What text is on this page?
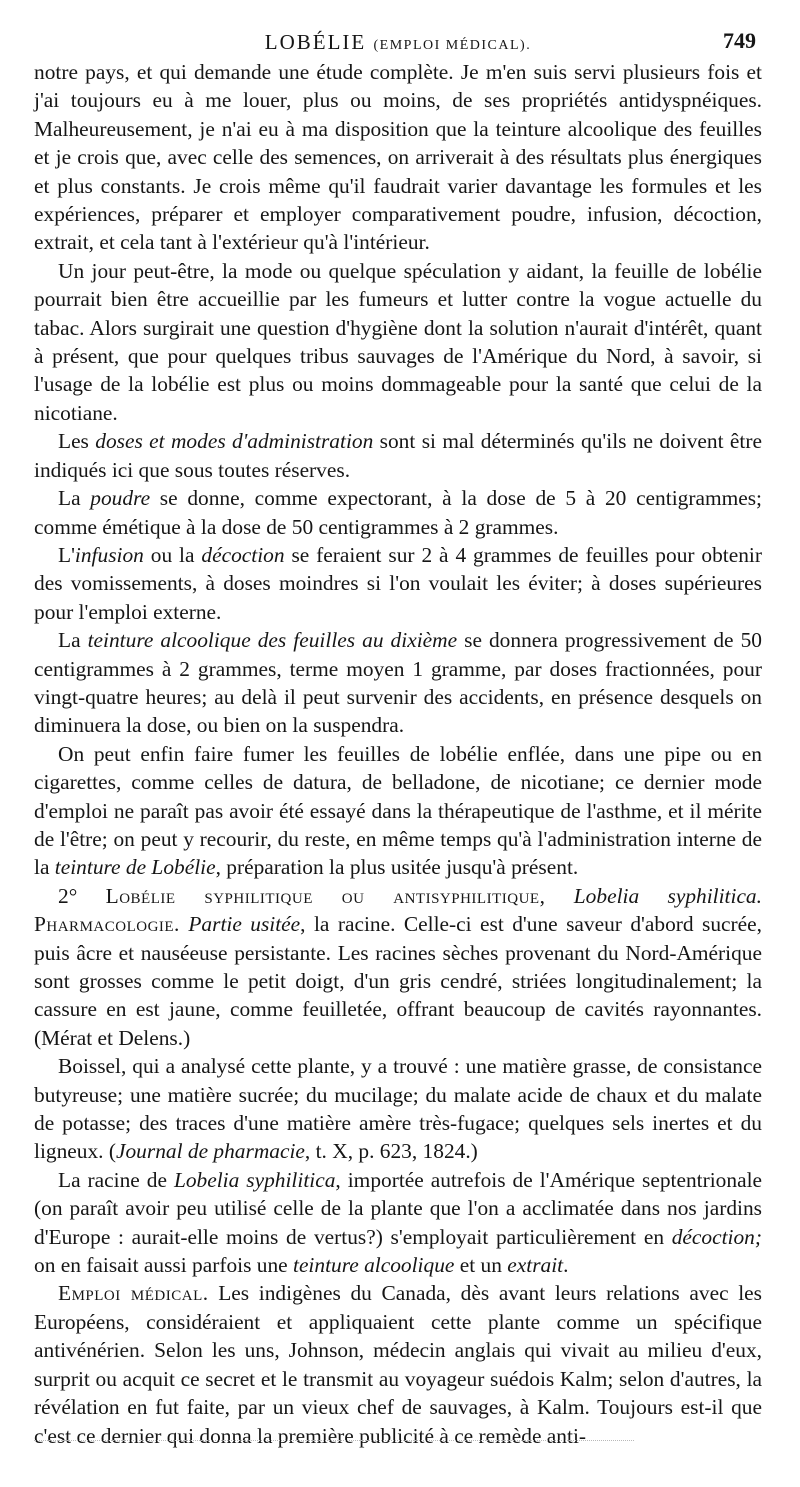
LOBÉLIE (EMPLOI MÉDICAL).	749

notre pays, et qui demande une étude complète. Je m'en suis servi plusieurs fois et j'ai toujours eu à me louer, plus ou moins, de ses propriétés antidyspnéiques. Malheureusement, je n'ai eu à ma disposition que la teinture alcoolique des feuilles et je crois que, avec celle des semences, on arriverait à des résultats plus énergiques et plus constants. Je crois même qu'il faudrait varier davantage les formules et les expériences, préparer et employer comparativement poudre, infusion, décoction, extrait, et cela tant à l'extérieur qu'à l'intérieur.

Un jour peut-être, la mode ou quelque spéculation y aidant, la feuille de lobélie pourrait bien être accueillie par les fumeurs et lutter contre la vogue actuelle du tabac. Alors surgirait une question d'hygiène dont la solution n'aurait d'intérêt, quant à présent, que pour quelques tribus sauvages de l'Amérique du Nord, à savoir, si l'usage de la lobélie est plus ou moins dommageable pour la santé que celui de la nicotiane.

Les doses et modes d'administration sont si mal déterminés qu'ils ne doivent être indiqués ici que sous toutes réserves.

La poudre se donne, comme expectorant, à la dose de 5 à 20 centigrammes; comme émétique à la dose de 50 centigrammes à 2 grammes.

L'infusion ou la décoction se feraient sur 2 à 4 grammes de feuilles pour obtenir des vomissements, à doses moindres si l'on voulait les éviter; à doses supérieures pour l'emploi externe.

La teinture alcoolique des feuilles au dixième se donnera progressivement de 50 centigrammes à 2 grammes, terme moyen 1 gramme, par doses fractionnées, pour vingt-quatre heures; au delà il peut survenir des accidents, en présence desquels on diminuera la dose, ou bien on la suspendra.

On peut enfin faire fumer les feuilles de lobélie enflée, dans une pipe ou en cigarettes, comme celles de datura, de belladone, de nicotiane; ce dernier mode d'emploi ne paraît pas avoir été essayé dans la thérapeutique de l'asthme, et il mérite de l'être; on peut y recourir, du reste, en même temps qu'à l'administration interne de la teinture de Lobélie, préparation la plus usitée jusqu'à présent.

2° Lobélie syphilitique ou antisyphilitique, Lobelia syphilitica. Pharmacologie. Partie usitée, la racine. Celle-ci est d'une saveur d'abord sucrée, puis âcre et nauséeuse persistante. Les racines sèches provenant du Nord-Amérique sont grosses comme le petit doigt, d'un gris cendré, striées longitudinalement; la cassure en est jaune, comme feuilletée, offrant beaucoup de cavités rayonnantes. (Mérat et Delens.)

Boissel, qui a analysé cette plante, y a trouvé : une matière grasse, de consistance butyreuse; une matière sucrée; du mucilage; du malate acide de chaux et du malate de potasse; des traces d'une matière amère très-fugace; quelques sels inertes et du ligneux. (Journal de pharmacie, t. X, p. 623, 1824.)

La racine de Lobelia syphilitica, importée autrefois de l'Amérique septentrionale (on paraît avoir peu utilisé celle de la plante que l'on a acclimatée dans nos jardins d'Europe : aurait-elle moins de vertus?) s'employait particulièrement en décoction; on en faisait aussi parfois une teinture alcoolique et un extrait.

Emploi médical. Les indigènes du Canada, dès avant leurs relations avec les Européens, considéraient et appliquaient cette plante comme un spécifique antivénérien. Selon les uns, Johnson, médecin anglais qui vivait au milieu d'eux, surprit ou acquit ce secret et le transmit au voyageur suédois Kalm; selon d'autres, la révélation en fut faite, par un vieux chef de sauvages, à Kalm. Toujours est-il que c'est ce dernier qui donna la première publicité à ce remède anti-
